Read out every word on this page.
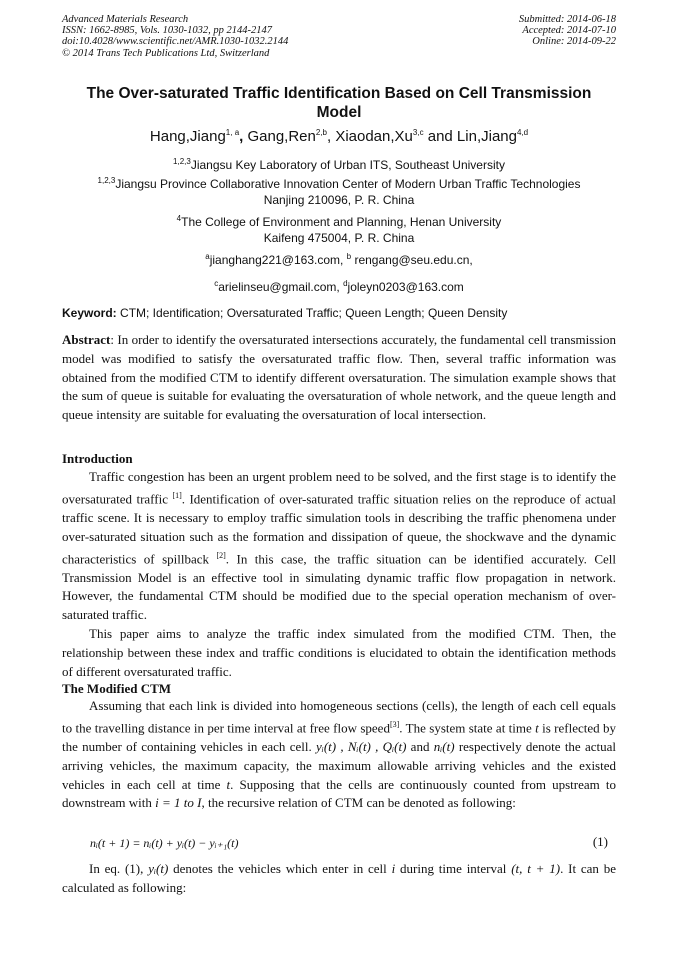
Advanced Materials Research
ISSN: 1662-8985, Vols. 1030-1032, pp 2144-2147
doi:10.4028/www.scientific.net/AMR.1030-1032.2144
© 2014 Trans Tech Publications Ltd, Switzerland
Submitted: 2014-06-18
Accepted: 2014-07-10
Online: 2014-09-22
The Over-saturated Traffic Identification Based on Cell Transmission
Model
Hang,Jiang$^{1, a}$, Gang,Ren$^{2,b}$, Xiaodan,Xu$^{3,c}$ and Lin,Jiang$^{4,d}$
$^{1,2,3}$Jiangsu Key Laboratory of Urban ITS, Southeast University
$^{1,2,3}$Jiangsu Province Collaborative Innovation Center of Modern Urban Traffic Technologies
Nanjing 210096, P. R. China
$^4$The College of Environment and Planning, Henan University
Kaifeng 475004, P. R. China
$^a$jianghang221@163.com, $^b$ rengang@seu.edu.cn,
$^c$arielinseu@gmail.com, $^d$joleyn0203@163.com
Keyword: CTM; Identification; Oversaturated Traffic; Queen Length; Queen Density

Abstract: In order to identify the oversaturated intersections accurately, the fundamental cell transmission model was modified to satisfy the oversaturated traffic flow. Then, several traffic information was obtained from the modified CTM to identify different oversaturation. The simulation example shows that the sum of queue is suitable for evaluating the oversaturation of whole network, and the queue length and queue intensity are suitable for evaluating the oversaturation of local intersection.

Introduction

Traffic congestion has been an urgent problem need to be solved, and the first stage is to identify the oversaturated traffic [1]. Identification of over-saturated traffic situation relies on the reproduce of actual traffic scene. It is necessary to employ traffic simulation tools in describing the traffic phenomena under over-saturated situation such as the formation and dissipation of queue, the shockwave and the dynamic characteristics of spillback [2]. In this case, the traffic situation can be identified accurately. Cell Transmission Model is an effective tool in simulating dynamic traffic flow propagation in network. However, the fundamental CTM should be modified due to the special operation mechanism of over-saturated traffic.

This paper aims to analyze the traffic index simulated from the modified CTM. Then, the relationship between these index and traffic conditions is elucidated to obtain the identification methods of different oversaturated traffic.

The Modified CTM

Assuming that each link is divided into homogeneous sections (cells), the length of each cell equals to the travelling distance in per time interval at free flow speed[3]. The system state at time t is reflected by the number of containing vehicles in each cell. yᵢ(t) , Nᵢ(t) , Qᵢ(t) and nᵢ(t) respectively denote the actual arriving vehicles, the maximum capacity, the maximum allowable arriving vehicles and the existed vehicles in each cell at time t. Supposing that the cells are continuously counted from upstream to downstream with i = 1 to I, the recursive relation of CTM can be denoted as following:

nᵢ(t + 1) = nᵢ(t) + yᵢ(t) − yᵢ₊₁(t)	(1)

In eq. (1), yᵢ(t) denotes the vehicles which enter in cell i during time interval (t, t + 1). It can be calculated as following:
